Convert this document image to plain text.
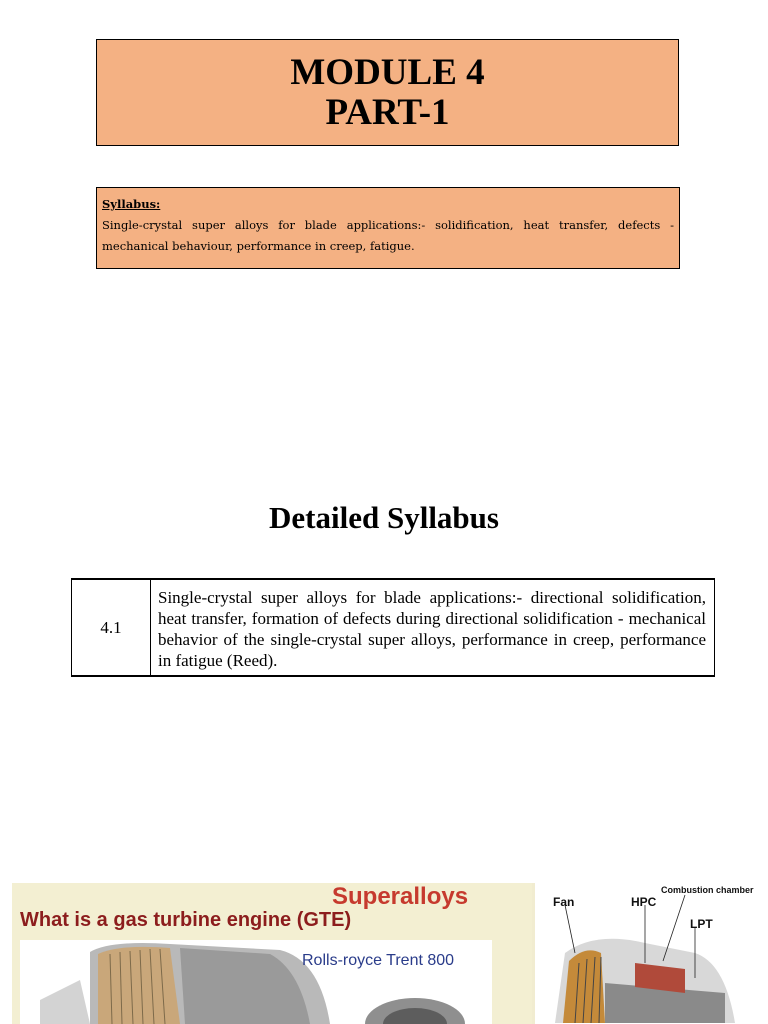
MODULE 4
PART-1
Syllabus:
Single-crystal super alloys for blade applications:- solidification, heat transfer, defects - mechanical behaviour, performance in creep, fatigue.
Detailed Syllabus
4.1
Single-crystal super alloys for blade applications:- directional solidification, heat transfer, formation of defects during directional solidification - mechanical behavior of the single-crystal super alloys, performance in creep, performance in fatigue (Reed).
Superalloys
What is a gas turbine engine (GTE)
Rolls-royce Trent 800
Fan	HPC
LPT
Combustion chamber
